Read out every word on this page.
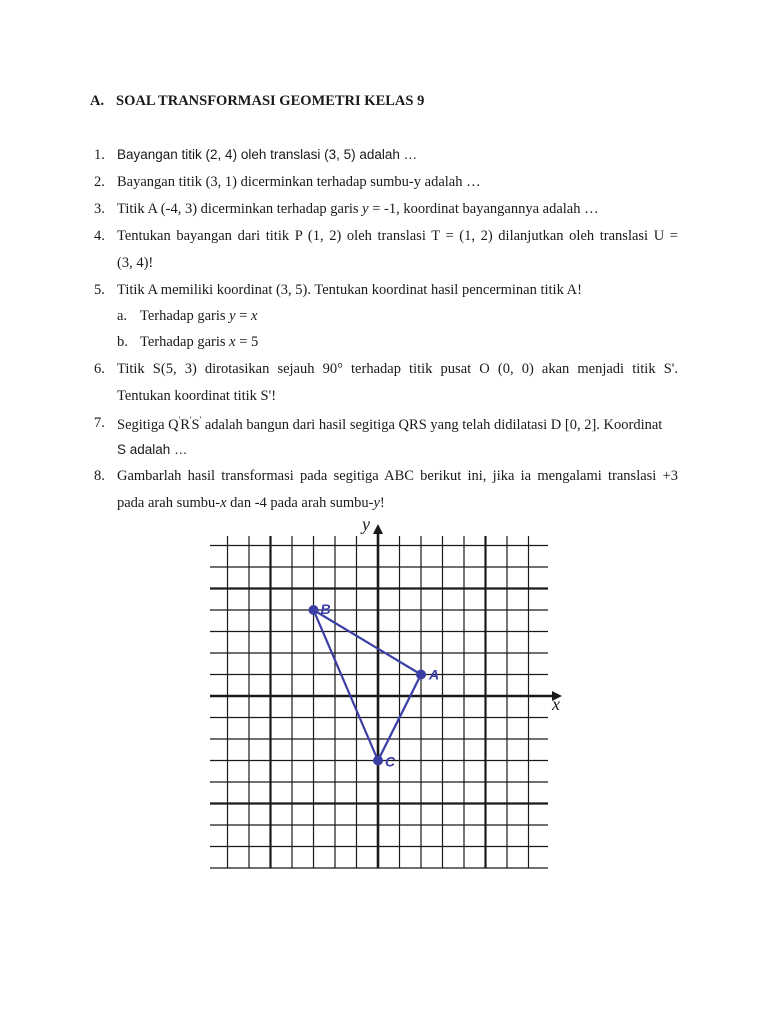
A. SOAL TRANSFORMASI GEOMETRI KELAS 9
1. Bayangan titik (2, 4) oleh translasi (3, 5) adalah …
2. Bayangan titik (3, 1) dicerminkan terhadap sumbu-y adalah …
3. Titik A (-4, 3) dicerminkan terhadap garis y = -1, koordinat bayangannya adalah …
4. Tentukan bayangan dari titik P (1, 2) oleh translasi T = (1, 2) dilanjutkan oleh translasi U =
(3, 4)!
5. Titik A memiliki koordinat (3, 5). Tentukan koordinat hasil pencerminan titik A!
a. Terhadap garis y = x
b. Terhadap garis x = 5
6. Titik S(5, 3) dirotasikan sejauh 90° terhadap titik pusat O (0, 0) akan menjadi titik S'.
Tentukan koordinat titik S'!
7. Segitiga Q'R'S' adalah bangun dari hasil segitiga QRS yang telah didilatasi D [0, 2]. Koordinat
S adalah …
8. Gambarlah hasil transformasi pada segitiga ABC berikut ini, jika ia mengalami translasi +3
pada arah sumbu-x dan -4 pada arah sumbu-y!
x
y
A
B
C
